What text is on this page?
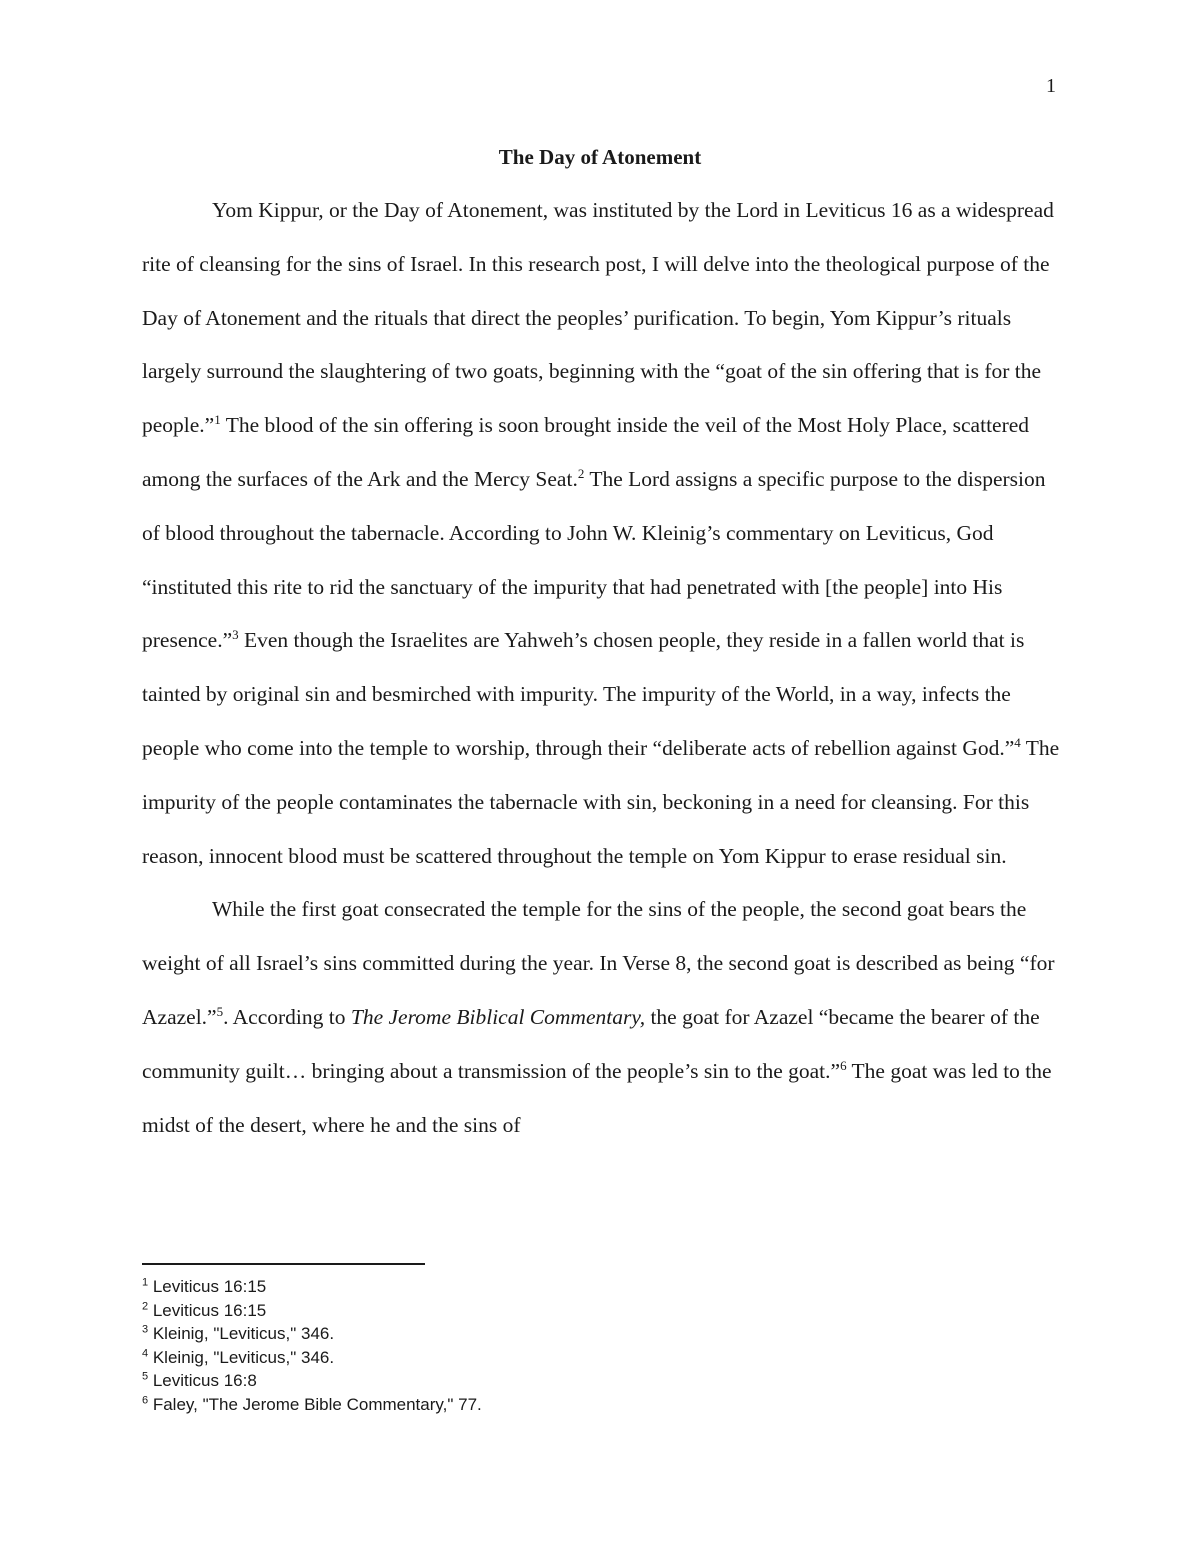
1
The Day of Atonement

Yom Kippur, or the Day of Atonement, was instituted by the Lord in Leviticus 16 as a widespread rite of cleansing for the sins of Israel. In this research post, I will delve into the theological purpose of the Day of Atonement and the rituals that direct the peoples’ purification. To begin, Yom Kippur’s rituals largely surround the slaughtering of two goats, beginning with the “goat of the sin offering that is for the people.”$^1$ The blood of the sin offering is soon brought inside the veil of the Most Holy Place, scattered among the surfaces of the Ark and the Mercy Seat.$^2$ The Lord assigns a specific purpose to the dispersion of blood throughout the tabernacle. According to John W. Kleinig’s commentary on Leviticus, God “instituted this rite to rid the sanctuary of the impurity that had penetrated with [the people] into His presence.”$^3$ Even though the Israelites are Yahweh’s chosen people, they reside in a fallen world that is tainted by original sin and besmirched with impurity. The impurity of the World, in a way, infects the people who come into the temple to worship, through their “deliberate acts of rebellion against God.”$^4$ The impurity of the people contaminates the tabernacle with sin, beckoning in a need for cleansing. For this reason, innocent blood must be scattered throughout the temple on Yom Kippur to erase residual sin.

While the first goat consecrated the temple for the sins of the people, the second goat bears the weight of all Israel’s sins committed during the year. In Verse 8, the second goat is described as being “for Azazel.”$^5$. According to The Jerome Biblical Commentary, the goat for Azazel “became the bearer of the community guilt… bringing about a transmission of the people’s sin to the goat.”$^6$ The goat was led to the midst of the desert, where he and the sins of

$^1$ Leviticus 16:15
$^2$ Leviticus 16:15
$^3$ Kleinig, "Leviticus," 346.
$^4$ Kleinig, "Leviticus," 346.
$^5$ Leviticus 16:8
$^6$ Faley, "The Jerome Bible Commentary," 77.
